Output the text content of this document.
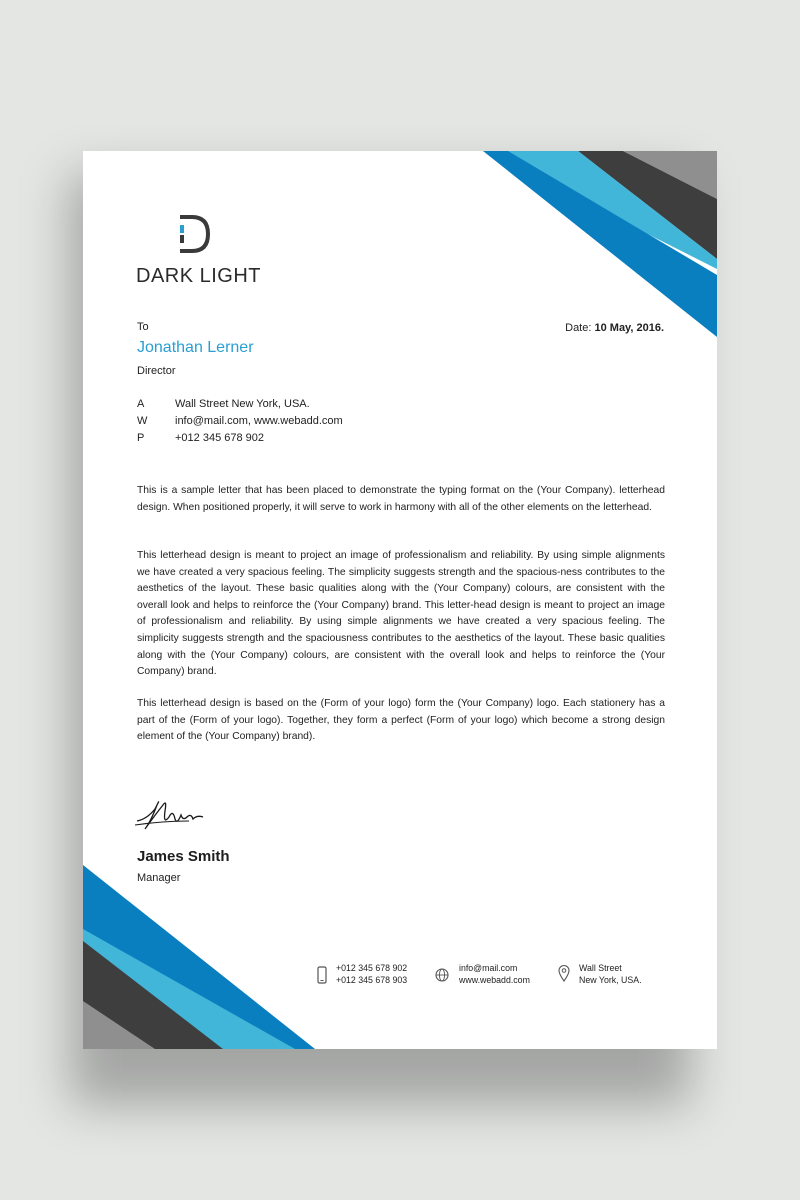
DARK LIGHT
To
Jonathan Lerner
Director
Date: 10 May, 2016.
A	Wall Street New York, USA.
W	info@mail.com, www.webadd.com
P	+012 345 678 902

This is a sample letter that has been placed to demonstrate the typing format on the (Your Company). letterhead design. When positioned properly, it will serve to work in harmony with all of the other elements on the letterhead.

This letterhead design is meant to project an image of professionalism and reliability. By using simple alignments we have created a very spacious feeling. The simplicity suggests strength and the spacious-ness contributes to the aesthetics of the layout. These basic qualities along with the (Your Company) colours, are consistent with the overall look and helps to reinforce the (Your Company) brand. This letter-head design is meant to project an image of professionalism and reliability. By using simple alignments we have created a very spacious feeling. The simplicity suggests strength and the spaciousness contributes to the aesthetics of the layout. These basic qualities along with the (Your Company) colours, are consistent with the overall look and helps to reinforce the (Your Company) brand.

This letterhead design is based on the (Form of your logo) form the (Your Company) logo. Each stationery has a part of the (Form of your logo). Together, they form a perfect (Form of your logo) which become a strong design element of the (Your Company) brand).

James Smith
Manager
+012 345 678 902
+012 345 678 903
info@mail.com
www.webadd.com
Wall Street
New York, USA.
